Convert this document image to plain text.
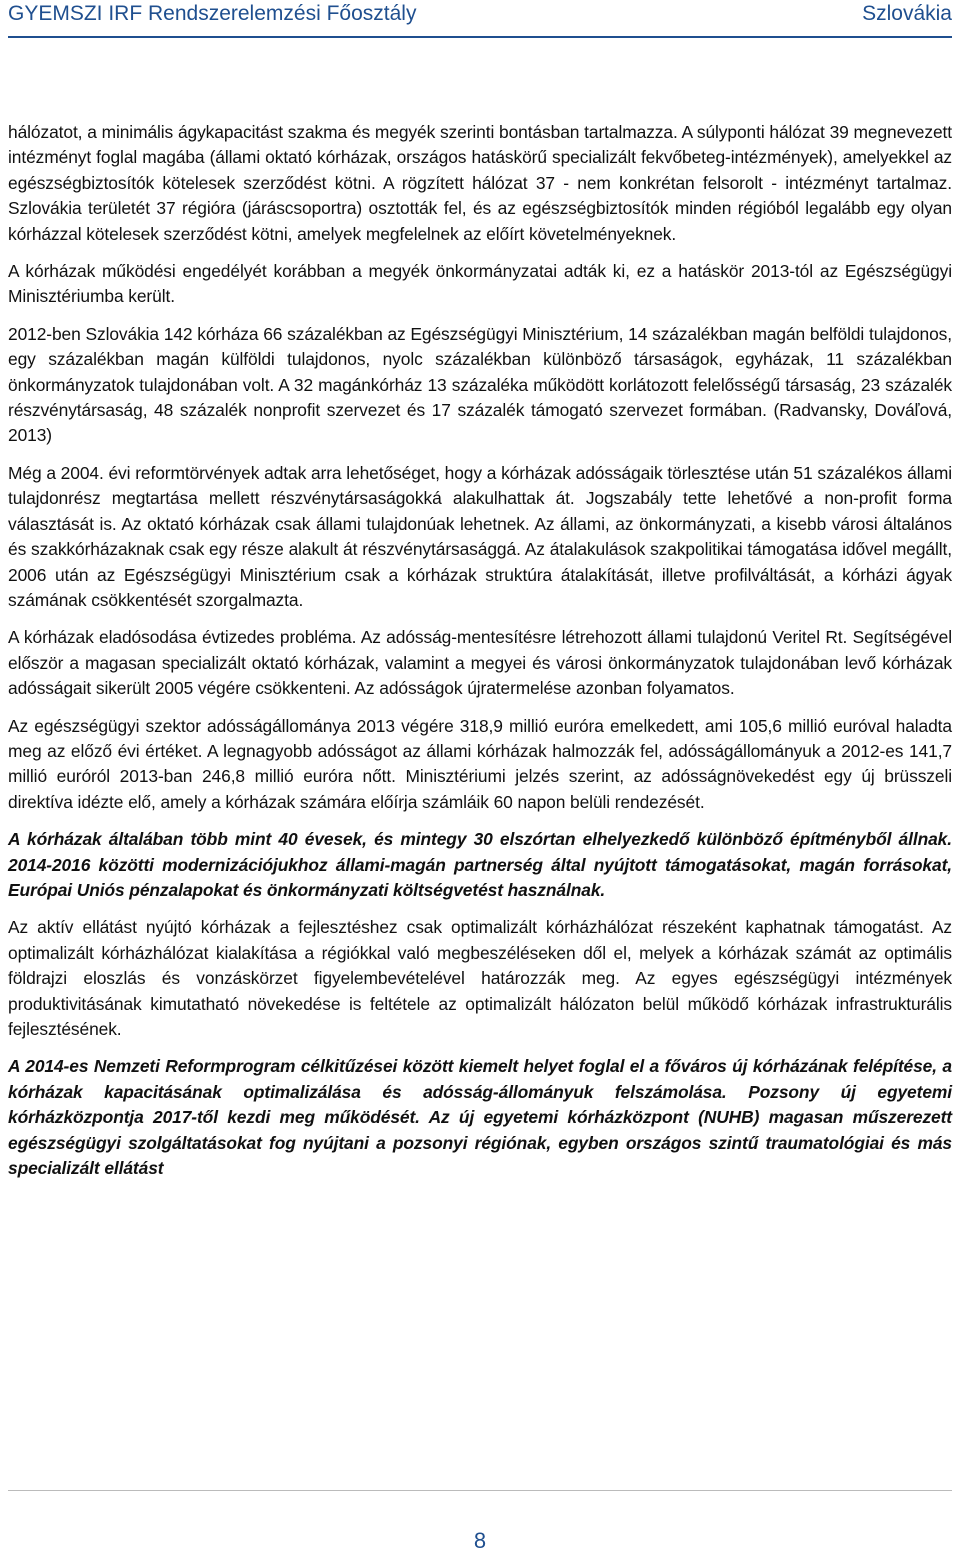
GYEMSZI IRF Rendszerelemzési Főosztály	Szlovákia

hálózatot, a minimális ágykapacitást szakma és megyék szerinti bontásban tartalmazza. A súlyponti hálózat 39 megnevezett intézményt foglal magába (állami oktató kórházak, országos hatáskörű specializált fekvőbeteg-intézmények), amelyekkel az egészségbiztosítók kötelesek szerződést kötni. A rögzített hálózat 37 - nem konkrétan felsorolt - intézményt tartalmaz. Szlovákia területét 37 régióra (járáscsoportra) osztották fel, és az egészségbiztosítók minden régióból legalább egy olyan kórházzal kötelesek szerződést kötni, amelyek megfelelnek az előírt követelményeknek.

A kórházak működési engedélyét korábban a megyék önkormányzatai adták ki, ez a hatáskör 2013-tól az Egészségügyi Minisztériumba került.

2012-ben Szlovákia 142 kórháza 66 százalékban az Egészségügyi Minisztérium, 14 százalékban magán belföldi tulajdonos, egy százalékban magán külföldi tulajdonos, nyolc százalékban különböző társaságok, egyházak, 11 százalékban önkormányzatok tulajdonában volt. A 32 magánkórház 13 százaléka működött korlátozott felelősségű társaság, 23 százalék részvénytársaság, 48 százalék nonprofit szervezet és 17 százalék támogató szervezet formában. (Radvansky, Dováľová, 2013)

Még a 2004. évi reformtörvények adtak arra lehetőséget, hogy a kórházak adósságaik törlesztése után 51 százalékos állami tulajdonrész megtartása mellett részvénytársaságokká alakulhattak át. Jogszabály tette lehetővé a non-profit forma választását is. Az oktató kórházak csak állami tulajdonúak lehetnek. Az állami, az önkormányzati, a kisebb városi általános és szakkórházaknak csak egy része alakult át részvénytársasággá. Az átalakulások szakpolitikai támogatása idővel megállt, 2006 után az Egészségügyi Minisztérium csak a kórházak struktúra átalakítását, illetve profilváltását, a kórházi ágyak számának csökkentését szorgalmazta.

A kórházak eladósodása évtizedes probléma. Az adósság-mentesítésre létrehozott állami tulajdonú Veritel Rt. Segítségével először a magasan specializált oktató kórházak, valamint a megyei és városi önkormányzatok tulajdonában levő kórházak adósságait sikerült 2005 végére csökkenteni. Az adósságok újratermelése azonban folyamatos.

Az egészségügyi szektor adósságállománya 2013 végére 318,9 millió euróra emelkedett, ami 105,6 millió euróval haladta meg az előző évi értéket. A legnagyobb adósságot az állami kórházak halmozzák fel, adósságállományuk a 2012-es 141,7 millió euróról 2013-ban 246,8 millió euróra nőtt. Minisztériumi jelzés szerint, az adósságnövekedést egy új brüsszeli direktíva idézte elő, amely a kórházak számára előírja számláik 60 napon belüli rendezését.

A kórházak általában több mint 40 évesek, és mintegy 30 elszórtan elhelyezkedő különböző építményből állnak. 2014-2016 közötti modernizációjukhoz állami-magán partnerség által nyújtott támogatásokat, magán forrásokat, Európai Uniós pénzalapokat és önkormányzati költségvetést használnak.

Az aktív ellátást nyújtó kórházak a fejlesztéshez csak optimalizált kórházhálózat részeként kaphatnak támogatást. Az optimalizált kórházhálózat kialakítása a régiókkal való megbeszéléseken dől el, melyek a kórházak számát az optimális földrajzi eloszlás és vonzáskörzet figyelembevételével határozzák meg. Az egyes egészségügyi intézmények produktivitásának kimutatható növekedése is feltétele az optimalizált hálózaton belül működő kórházak infrastrukturális fejlesztésének.

A 2014-es Nemzeti Reformprogram célkitűzései között kiemelt helyet foglal el a főváros új kórházának felépítése, a kórházak kapacitásának optimalizálása és adósság-állományuk felszámolása. Pozsony új egyetemi kórházközpontja 2017-től kezdi meg működését. Az új egyetemi kórházközpont (NUHB) magasan műszerezett egészségügyi szolgáltatásokat fog nyújtani a pozsonyi régiónak, egyben országos szintű traumatológiai és más specializált ellátást

8
